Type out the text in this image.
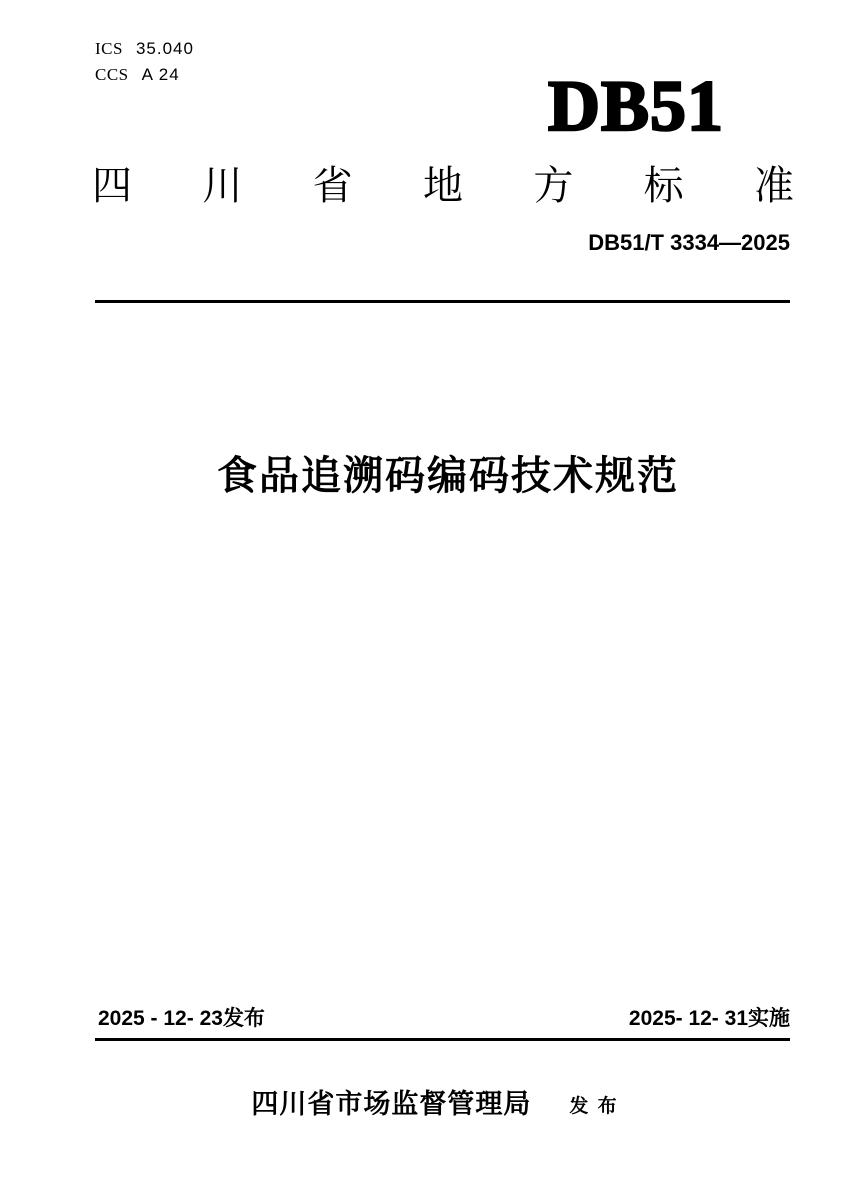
ICS 35.040
CCS A 24	DB51
四 川 省 地 方 标 准
DB51/T 3334—2025
食品追溯码编码技术规范
2025 - 12- 23发布	2025- 12- 31实施
四川省市场监督管理局 发 布
